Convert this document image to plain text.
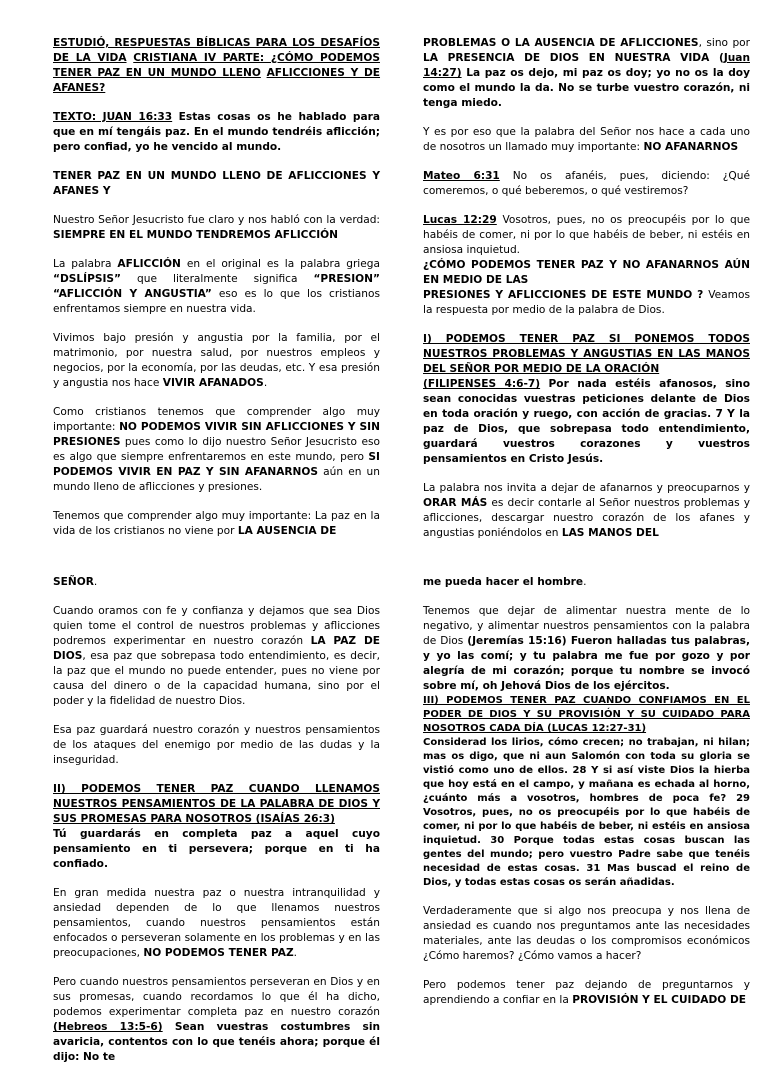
ESTUDIÓ, RESPUESTAS BÍBLICAS PARA LOS DESAFÍOS DE LA VIDA CRISTIANA IV PARTE: ¿CÓMO PODEMOS TENER PAZ EN UN MUNDO LLENO AFLICCIONES Y DE AFANES?

TEXTO: JUAN 16:33 Estas cosas os he hablado para que en mí tengáis paz. En el mundo tendréis aflicción; pero confiad, yo he vencido al mundo.

TENER PAZ EN UN MUNDO LLENO DE AFLICCIONES Y AFANES Y

Nuestro Señor Jesucristo fue claro y nos habló con la verdad: SIEMPRE EN EL MUNDO TENDREMOS AFLICCIÓN

La palabra AFLICCIÓN en el original es la palabra griega “DSLÍPSIS” que literalmente significa “PRESION” “AFLICCIÓN Y ANGUSTIA” eso es lo que los cristianos enfrentamos siempre en nuestra vida.

Vivimos bajo presión y angustia por la familia, por el matrimonio, por nuestra salud, por nuestros empleos y negocios, por la economía, por las deudas, etc. Y esa presión y angustia nos hace VIVIR AFANADOS.

Como cristianos tenemos que comprender algo muy importante: NO PODEMOS VIVIR SIN AFLICCIONES Y SIN PRESIONES pues como lo dijo nuestro Señor Jesucristo eso es algo que siempre enfrentaremos en este mundo, pero SI PODEMOS VIVIR EN PAZ Y SIN AFANARNOS aún en un mundo lleno de aflicciones y presiones.

Tenemos que comprender algo muy importante: La paz en la vida de los cristianos no viene por LA AUSENCIA DE

PROBLEMAS O LA AUSENCIA DE AFLICCIONES, sino por LA PRESENCIA DE DIOS EN NUESTRA VIDA (Juan 14:27) La paz os dejo, mi paz os doy; yo no os la doy como el mundo la da. No se turbe vuestro corazón, ni tenga miedo.

Y es por eso que la palabra del Señor nos hace a cada uno de nosotros un llamado muy importante: NO AFANARNOS

Mateo 6:31 No os afanéis, pues, diciendo: ¿Qué comeremos, o qué beberemos, o qué vestiremos?

Lucas 12:29 Vosotros, pues, no os preocupéis por lo que habéis de comer, ni por lo que habéis de beber, ni estéis en ansiosa inquietud.

¿CÓMO PODEMOS TENER PAZ Y NO AFANARNOS AÚN EN MEDIO DE LAS
PRESIONES Y AFLICCIONES DE ESTE MUNDO ? Veamos la respuesta por medio de la palabra de Dios.

I) PODEMOS TENER PAZ SI PONEMOS TODOS NUESTROS PROBLEMAS Y ANGUSTIAS EN LAS MANOS DEL SEÑOR POR MEDIO DE LA ORACIÓN
(FILIPENSES 4:6-7) Por nada estéis afanosos, sino sean conocidas vuestras peticiones delante de Dios en toda oración y ruego, con acción de gracias. 7 Y la paz de Dios, que sobrepasa todo entendimiento, guardará vuestros corazones y vuestros pensamientos en Cristo Jesús.

La palabra nos invita a dejar de afanarnos y preocuparnos y ORAR MÁS es decir contarle al Señor nuestros problemas y aflicciones, descargar nuestro corazón de los afanes y angustias poniéndolos en LAS MANOS DEL

SEÑOR.

Cuando oramos con fe y confianza y dejamos que sea Dios quien tome el control de nuestros problemas y aflicciones podremos experimentar en nuestro corazón LA PAZ DE DIOS, esa paz que sobrepasa todo entendimiento, es decir, la paz que el mundo no puede entender, pues no viene por causa del dinero o de la capacidad humana, sino por el poder y la fidelidad de nuestro Dios.

Esa paz guardará nuestro corazón y nuestros pensamientos de los ataques del enemigo por medio de las dudas y la inseguridad.

II) PODEMOS TENER PAZ CUANDO LLENAMOS NUESTROS PENSAMIENTOS DE LA PALABRA DE DIOS Y SUS PROMESAS PARA NOSOTROS (ISAÍAS 26:3)
Tú guardarás en completa paz a aquel cuyo pensamiento en ti persevera; porque en ti ha confiado.

En gran medida nuestra paz o nuestra intranquilidad y ansiedad dependen de lo que llenamos nuestros pensamientos, cuando nuestros pensamientos están enfocados o perseveran solamente en los problemas y en las preocupaciones, NO PODEMOS TENER PAZ.

Pero cuando nuestros pensamientos perseveran en Dios y en sus promesas, cuando recordamos lo que él ha dicho, podemos experimentar completa paz en nuestro corazón (Hebreos 13:5-6) Sean vuestras costumbres sin avaricia, contentos con lo que tenéis ahora; porque él dijo: No te

me pueda hacer el hombre.

Tenemos que dejar de alimentar nuestra mente de lo negativo, y alimentar nuestros pensamientos con la palabra de Dios (Jeremías 15:16) Fueron halladas tus palabras, y yo las comí; y tu palabra me fue por gozo y por alegría de mi corazón; porque tu nombre se invocó sobre mí, oh Jehová Dios de los ejércitos.

III) PODEMOS TENER PAZ CUANDO CONFIAMOS EN EL PODER DE DIOS Y SU PROVISIÓN Y SU CUIDADO PARA NOSOTROS CADA DÍA (LUCAS 12:27-31)
Considerad los lirios, cómo crecen; no trabajan, ni hilan; mas os digo, que ni aun Salomón con toda su gloria se vistió como uno de ellos. 28 Y si así viste Dios la hierba que hoy está en el campo, y mañana es echada al horno, ¿cuánto más a vosotros, hombres de poca fe? 29 Vosotros, pues, no os preocupéis por lo que habéis de comer, ni por lo que habéis de beber, ni estéis en ansiosa inquietud. 30 Porque todas estas cosas buscan las gentes del mundo; pero vuestro Padre sabe que tenéis necesidad de estas cosas. 31 Mas buscad el reino de Dios, y todas estas cosas os serán añadidas.

Verdaderamente que si algo nos preocupa y nos llena de ansiedad es cuando nos preguntamos ante las necesidades materiales, ante las deudas o los compromisos económicos ¿Cómo haremos? ¿Cómo vamos a hacer?

Pero podemos tener paz dejando de preguntarnos y aprendiendo a confiar en la PROVISIÓN Y EL CUIDADO DE
